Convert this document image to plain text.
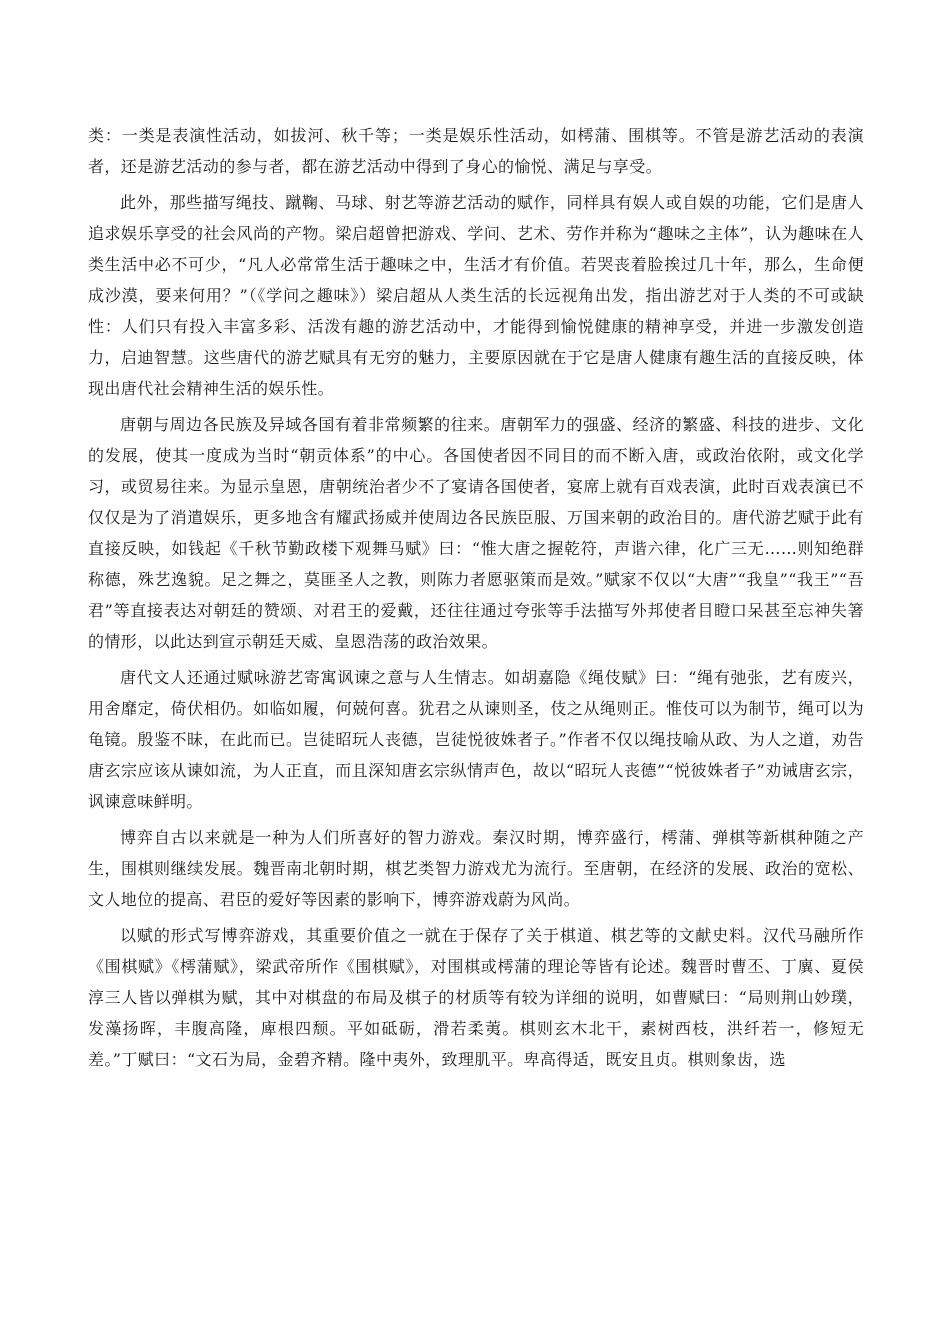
类：一类是表演性活动，如拔河、秋千等；一类是娱乐性活动，如樗蒲、围棋等。不管是游艺活动的表演者，还是游艺活动的参与者，都在游艺活动中得到了身心的愉悦、满足与享受。

此外，那些描写绳技、蹴鞠、马球、射艺等游艺活动的赋作，同样具有娱人或自娱的功能，它们是唐人追求娱乐享受的社会风尚的产物。梁启超曾把游戏、学问、艺术、劳作并称为“趣味之主体”，认为趣味在人类生活中必不可少，“凡人必常常生活于趣味之中，生活才有价值。若哭丧着脸挨过几十年，那么，生命便成沙漠，要来何用？”（《学问之趣味》）梁启超从人类生活的长远视角出发，指出游艺对于人类的不可或缺性：人们只有投入丰富多彩、活泼有趣的游艺活动中，才能得到愉悦健康的精神享受，并进一步激发创造力，启迪智慧。这些唐代的游艺赋具有无穷的魅力，主要原因就在于它是唐人健康有趣生活的直接反映，体现出唐代社会精神生活的娱乐性。

唐朝与周边各民族及异域各国有着非常频繁的往来。唐朝军力的强盛、经济的繁盛、科技的进步、文化的发展，使其一度成为当时“朝贡体系”的中心。各国使者因不同目的而不断入唐，或政治依附，或文化学习，或贸易往来。为显示皇恩，唐朝统治者少不了宴请各国使者，宴席上就有百戏表演，此时百戏表演已不仅仅是为了消遣娱乐，更多地含有耀武扬威并使周边各民族臣服、万国来朝的政治目的。唐代游艺赋于此有直接反映，如钱起《千秋节勤政楼下观舞马赋》曰：“惟大唐之握乾符，声谐六律，化广三无……则知绝群称德，殊艺逸貌。足之舞之，莫匪圣人之教，则陈力者愿驱策而是效。”赋家不仅以“大唐”“我皇”“我王”“吾君”等直接表达对朝廷的赞颂、对君王的爱戴，还往往通过夸张等手法描写外邦使者目瞪口呆甚至忘神失箸的情形，以此达到宣示朝廷天威、皇恩浩荡的政治效果。

唐代文人还通过赋咏游艺寄寓讽谏之意与人生情志。如胡嘉隐《绳伎赋》曰：“绳有弛张，艺有废兴，用舍靡定，倚伏相仍。如临如履，何兢何喜。犹君之从谏则圣，伎之从绳则正。惟伎可以为制节，绳可以为龟镜。殷鉴不昧，在此而已。岂徒昭玩人丧德，岂徒悦彼姝者子。”作者不仅以绳技喻从政、为人之道，劝告唐玄宗应该从谏如流，为人正直，而且深知唐玄宗纵情声色，故以“昭玩人丧德”“悦彼姝者子”劝诫唐玄宗，讽谏意味鲜明。

博弈自古以来就是一种为人们所喜好的智力游戏。秦汉时期，博弈盛行，樗蒲、弹棋等新棋种随之产生，围棋则继续发展。魏晋南北朝时期，棋艺类智力游戏尤为流行。至唐朝，在经济的发展、政治的宽松、文人地位的提高、君臣的爱好等因素的影响下，博弈游戏蔚为风尚。

以赋的形式写博弈游戏，其重要价值之一就在于保存了关于棋道、棋艺等的文献史料。汉代马融所作《围棋赋》《樗蒲赋》，梁武帝所作《围棋赋》，对围棋或樗蒲的理论等皆有论述。魏晋时曹丕、丁廙、夏侯淳三人皆以弹棋为赋，其中对棋盘的布局及棋子的材质等有较为详细的说明，如曹赋曰：“局则荆山妙璞，发藻扬晖，丰腹高隆，庳根四颓。平如砥砺，滑若柔荑。棋则玄木北干，素树西枝，洪纤若一，修短无差。”丁赋曰：“文石为局，金碧齐精。隆中夷外，致理肌平。卑高得适，既安且贞。棋则象齿，选
